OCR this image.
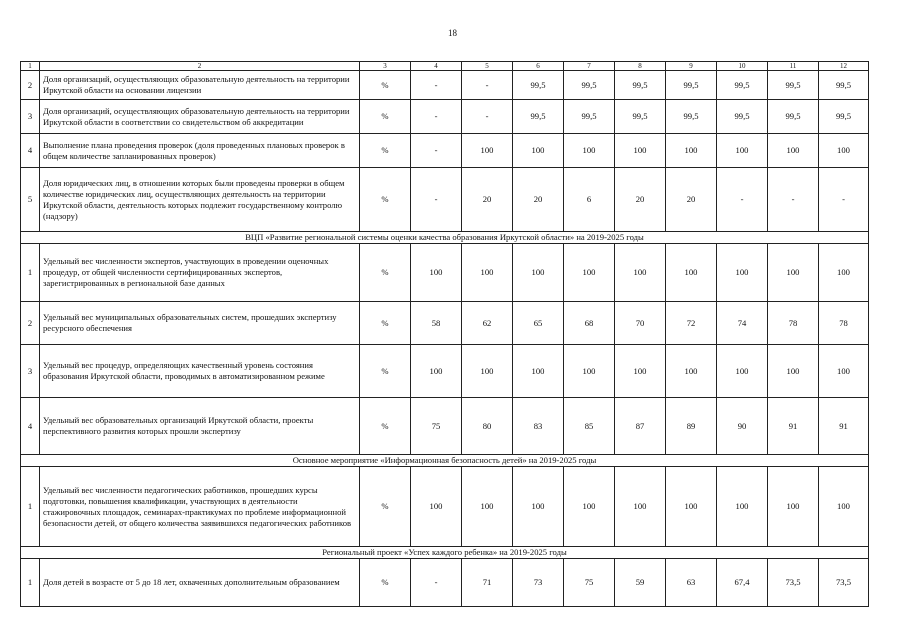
18
1	2	3	4	5	6	7	8	9	10	11	12
2	Доля организаций, осуществляющих образовательную деятельность на территории Иркутской области на основании лицензии	%	-	-	99,5	99,5	99,5	99,5	99,5	99,5	99,5
3	Доля организаций, осуществляющих образовательную деятельность на территории Иркутской области в соответствии со свидетельством об аккредитации	%	-	-	99,5	99,5	99,5	99,5	99,5	99,5	99,5
4	Выполнение плана проведения проверок (доля проведенных плановых проверок в общем количестве запланированных проверок)	%	-	100	100	100	100	100	100	100	100
5	Доля юридических лиц, в отношении которых были проведены проверки в общем количестве юридических лиц, осуществляющих деятельность на территории Иркутской области, деятельность которых подлежит государственному контролю (надзору)	%	-	20	20	6	20	20	-	-	-
ВЦП «Развитие региональной системы оценки качества образования Иркутской области» на 2019-2025 годы											
1	Удельный вес численности экспертов, участвующих в проведении оценочных процедур, от общей численности сертифицированных экспертов, зарегистрированных в региональной базе данных	%	100	100	100	100	100	100	100	100	100
2	Удельный вес муниципальных образовательных систем, прошедших экспертизу ресурсного обеспечения	%	58	62	65	68	70	72	74	78	78
3	Удельный вес процедур, определяющих качественный уровень состояния образования Иркутской области, проводимых в автоматизированном режиме	%	100	100	100	100	100	100	100	100	100
4	Удельный вес образовательных организаций Иркутской области, проекты перспективного развития которых прошли экспертизу	%	75	80	83	85	87	89	90	91	91
Основное мероприятие «Информационная безопасность детей» на 2019-2025 годы											
1	Удельный вес численности педагогических работников, прошедших курсы подготовки, повышения квалификации, участвующих в деятельности стажировочных площадок, семинарах-практикумах по проблеме информационной безопасности детей, от общего количества заявившихся педагогических работников	%	100	100	100	100	100	100	100	100	100
Региональный проект «Успех каждого ребенка» на 2019-2025 годы											
1	Доля детей в возрасте от 5 до 18 лет, охваченных дополнительным образованием	%	-	71	73	75	59	63	67,4	73,5	73,5
